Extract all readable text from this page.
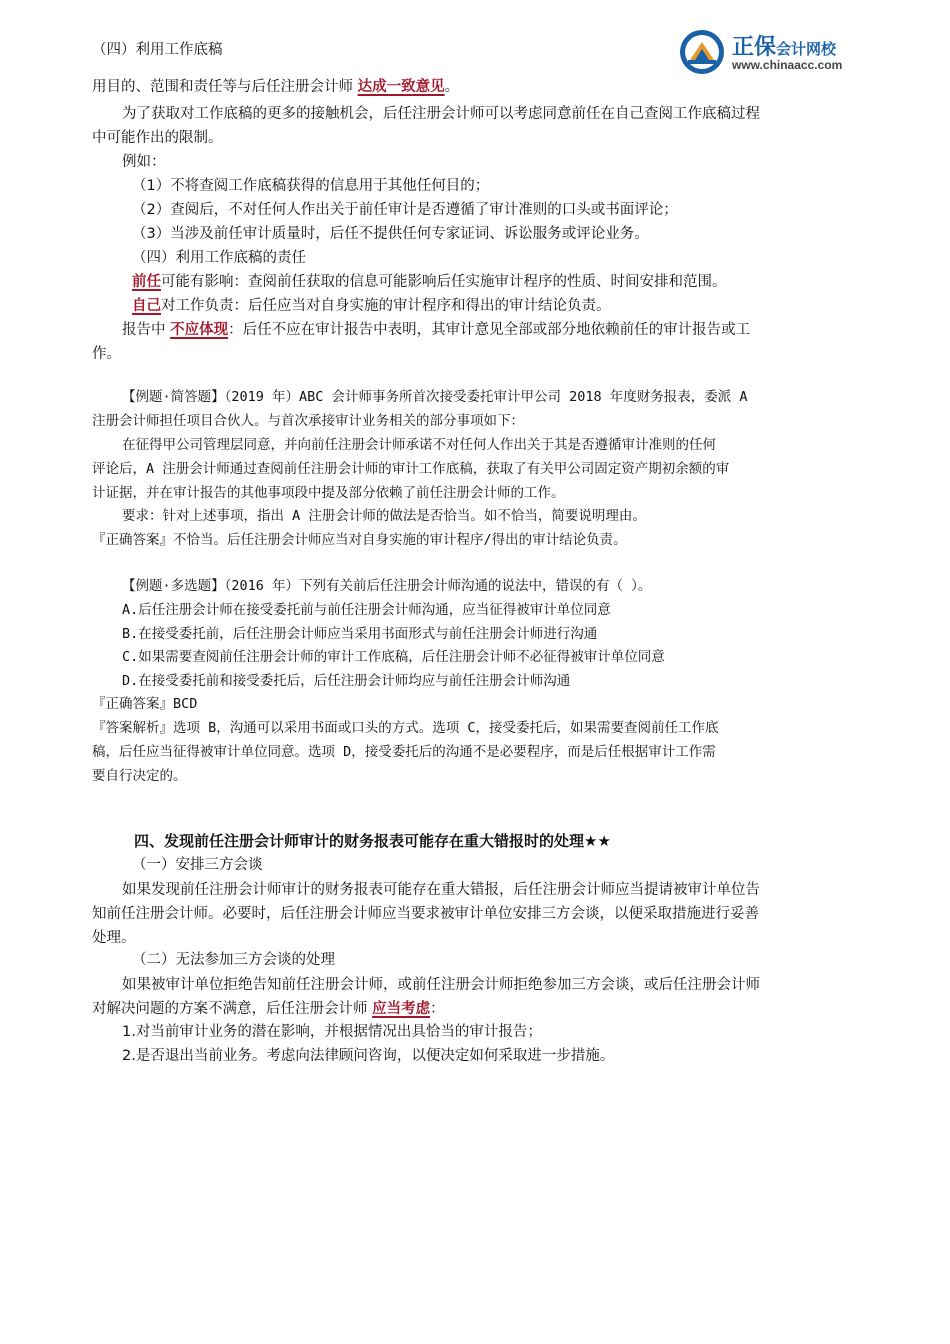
正保会计网校
www.chinaacc.com
（四）利用工作底稿
用目的、范围和责任等与后任注册会计师 达成一致意见。
为了获取对工作底稿的更多的接触机会，后任注册会计师可以考虑同意前任在自己查阅工作底稿过程
中可能作出的限制。
例如：
（1）不将查阅工作底稿获得的信息用于其他任何目的；
（2）查阅后，不对任何人作出关于前任审计是否遵循了审计准则的口头或书面评论；
（3）当涉及前任审计质量时，后任不提供任何专家证词、诉讼服务或评论业务。
（四）利用工作底稿的责任
前任可能有影响：查阅前任获取的信息可能影响后任实施审计程序的性质、时间安排和范围。
自己对工作负责：后任应当对自身实施的审计程序和得出的审计结论负责。
报告中 不应体现：后任不应在审计报告中表明，其审计意见全部或部分地依赖前任的审计报告或工
作。
【例题·简答题】（2019 年）ABC 会计师事务所首次接受委托审计甲公司 2018 年度财务报表，委派 A
注册会计师担任项目合伙人。与首次承接审计业务相关的部分事项如下：
在征得甲公司管理层同意，并向前任注册会计师承诺不对任何人作出关于其是否遵循审计准则的任何
评论后，A 注册会计师通过查阅前任注册会计师的审计工作底稿，获取了有关甲公司固定资产期初余额的审
计证据，并在审计报告的其他事项段中提及部分依赖了前任注册会计师的工作。
要求：针对上述事项，指出 A 注册会计师的做法是否恰当。如不恰当，简要说明理由。
『正确答案』不恰当。后任注册会计师应当对自身实施的审计程序/得出的审计结论负责。
【例题·多选题】（2016 年）下列有关前后任注册会计师沟通的说法中，错误的有（ ）。
A.后任注册会计师在接受委托前与前任注册会计师沟通，应当征得被审计单位同意
B.在接受委托前，后任注册会计师应当采用书面形式与前任注册会计师进行沟通
C.如果需要查阅前任注册会计师的审计工作底稿，后任注册会计师不必征得被审计单位同意
D.在接受委托前和接受委托后，后任注册会计师均应与前任注册会计师沟通
『正确答案』BCD
『答案解析』选项 B，沟通可以采用书面或口头的方式。选项 C，接受委托后，如果需要查阅前任工作底
稿，后任应当征得被审计单位同意。选项 D，接受委托后的沟通不是必要程序，而是后任根据审计工作需
要自行决定的。
四、发现前任注册会计师审计的财务报表可能存在重大错报时的处理★★
（一）安排三方会谈
如果发现前任注册会计师审计的财务报表可能存在重大错报，后任注册会计师应当提请被审计单位告
知前任注册会计师。必要时，后任注册会计师应当要求被审计单位安排三方会谈，以便采取措施进行妥善
处理。
（二）无法参加三方会谈的处理
如果被审计单位拒绝告知前任注册会计师，或前任注册会计师拒绝参加三方会谈，或后任注册会计师
对解决问题的方案不满意，后任注册会计师 应当考虑：
1.对当前审计业务的潜在影响，并根据情况出具恰当的审计报告；
2.是否退出当前业务。考虑向法律顾问咨询，以便决定如何采取进一步措施。
